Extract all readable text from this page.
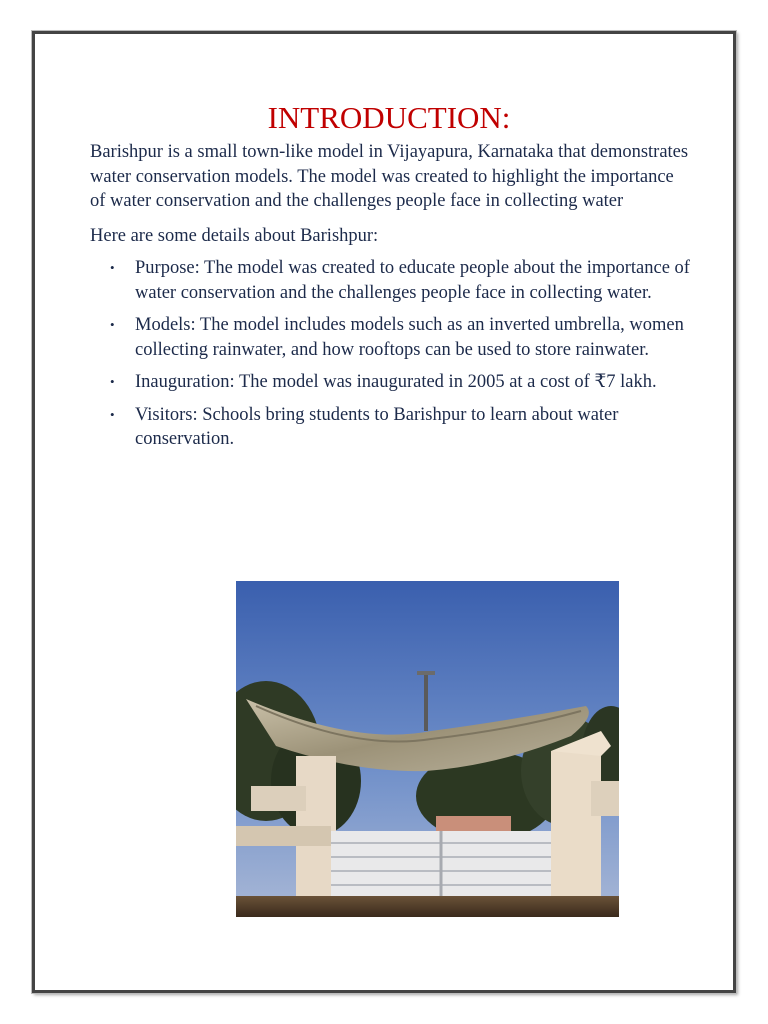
INTRODUCTION:

Barishpur is a small town-like model in Vijayapura, Karnataka that demonstrates water conservation models. The model was created to highlight the importance of water conservation and the challenges people face in collecting water

Here are some details about Barishpur:

• Purpose: The model was created to educate people about the importance of water conservation and the challenges people face in collecting water.
• Models: The model includes models such as an inverted umbrella, women collecting rainwater, and how rooftops can be used to store rainwater.
• Inauguration: The model was inaugurated in 2005 at a cost of ₹7 lakh.
• Visitors: Schools bring students to Barishpur to learn about water conservation.
